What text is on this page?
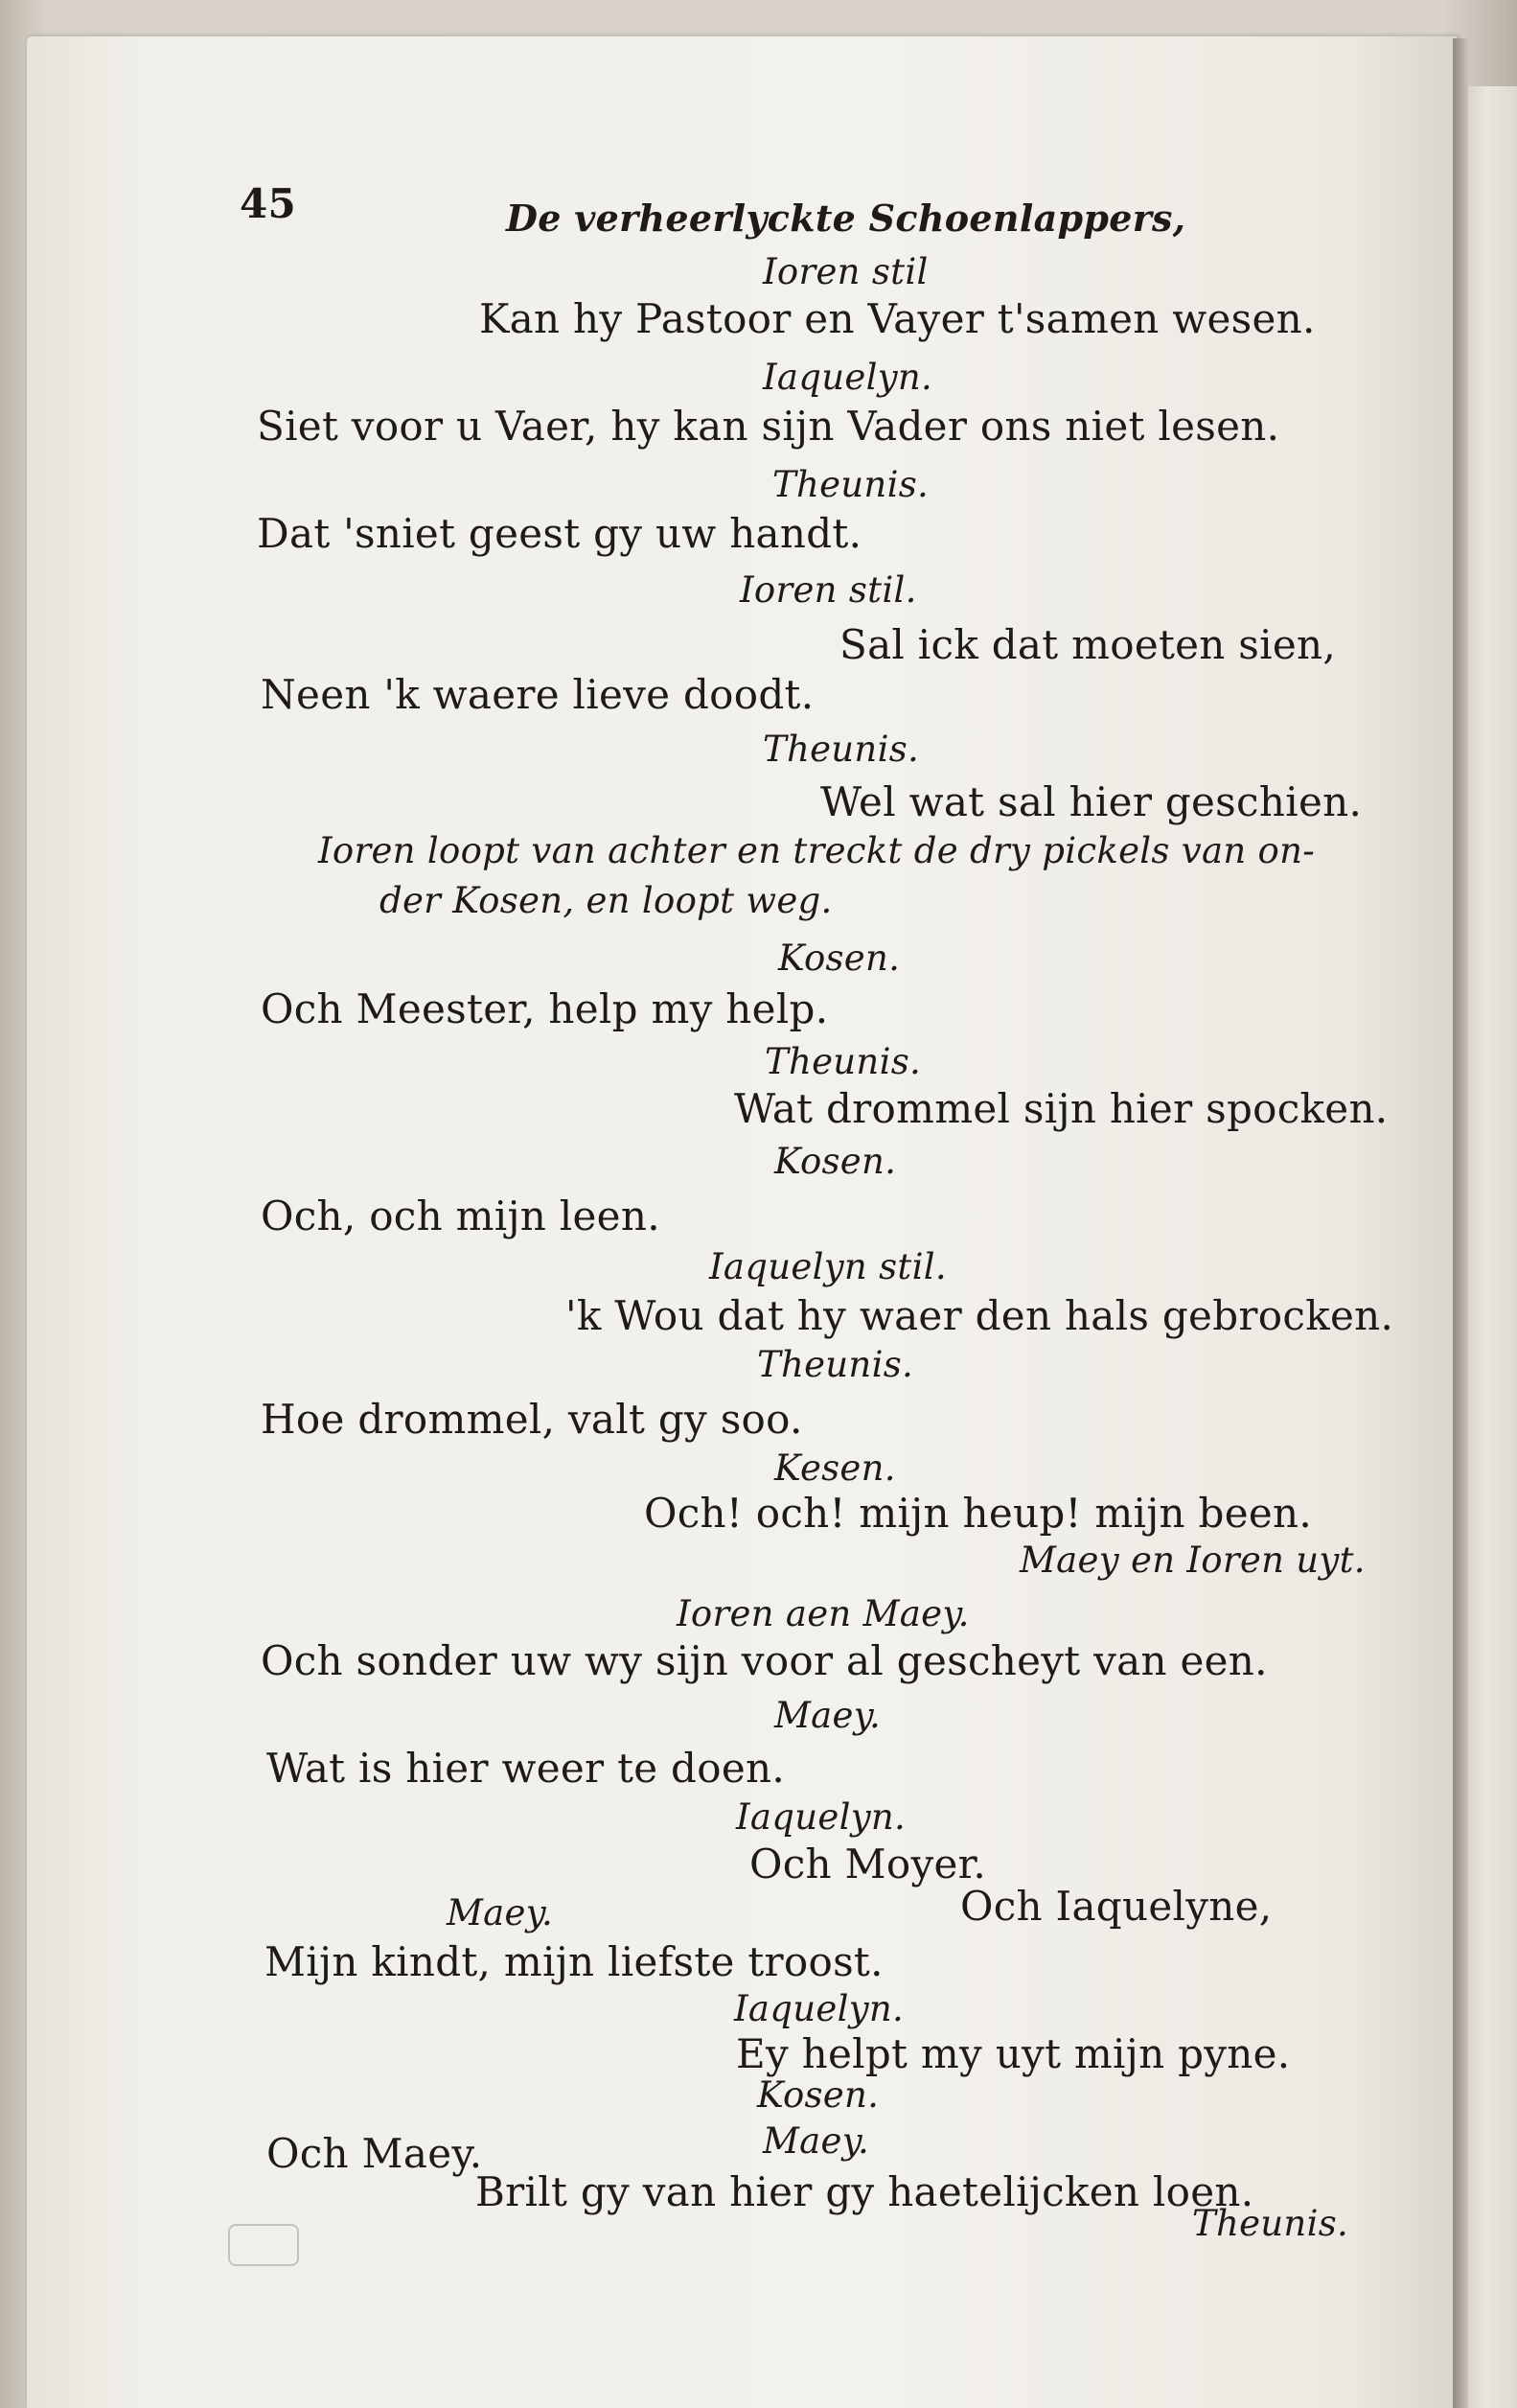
45	De verheerlyckte Schoenlappers,
Ioren stil
Kan hy Pastoor en Vayer t'samen wesen.
Iaquelyn.
Siet voor u Vaer, hy kan sijn Vader ons niet lesen.
Theunis.
Dat 'sniet geest gy uw handt.
Ioren stil.
Sal ick dat moeten sien,
Neen 'k waere lieve doodt.
Theunis.
Wel wat sal hier geschien.
Ioren loopt van achter en treckt de dry pickels van on-
der Kosen, en loopt weg.
Kosen.
Och Meester, help my help.
Theunis.
Wat drommel sijn hier spocken.
Kosen.
Och, och mijn leen.
Iaquelyn stil.
'k Wou dat hy waer den hals gebrocken.
Theunis.
Hoe drommel, valt gy soo.
Kesen.
Och! och! mijn heup! mijn been.
Maey en Ioren uyt.
Ioren aen Maey.
Och sonder uw wy sijn voor al gescheyt van een.
Maey.
Wat is hier weer te doen.
Iaquelyn.
Och Moyer.
Och Iaquelyne,
Maey.
Mijn kindt, mijn liefste troost.
Iaquelyn.
Ey helpt my uyt mijn pyne.
Kosen.
Och Maey.	Maey.
Brilt gy van hier gy haetelijcken loen.
Theunis.
